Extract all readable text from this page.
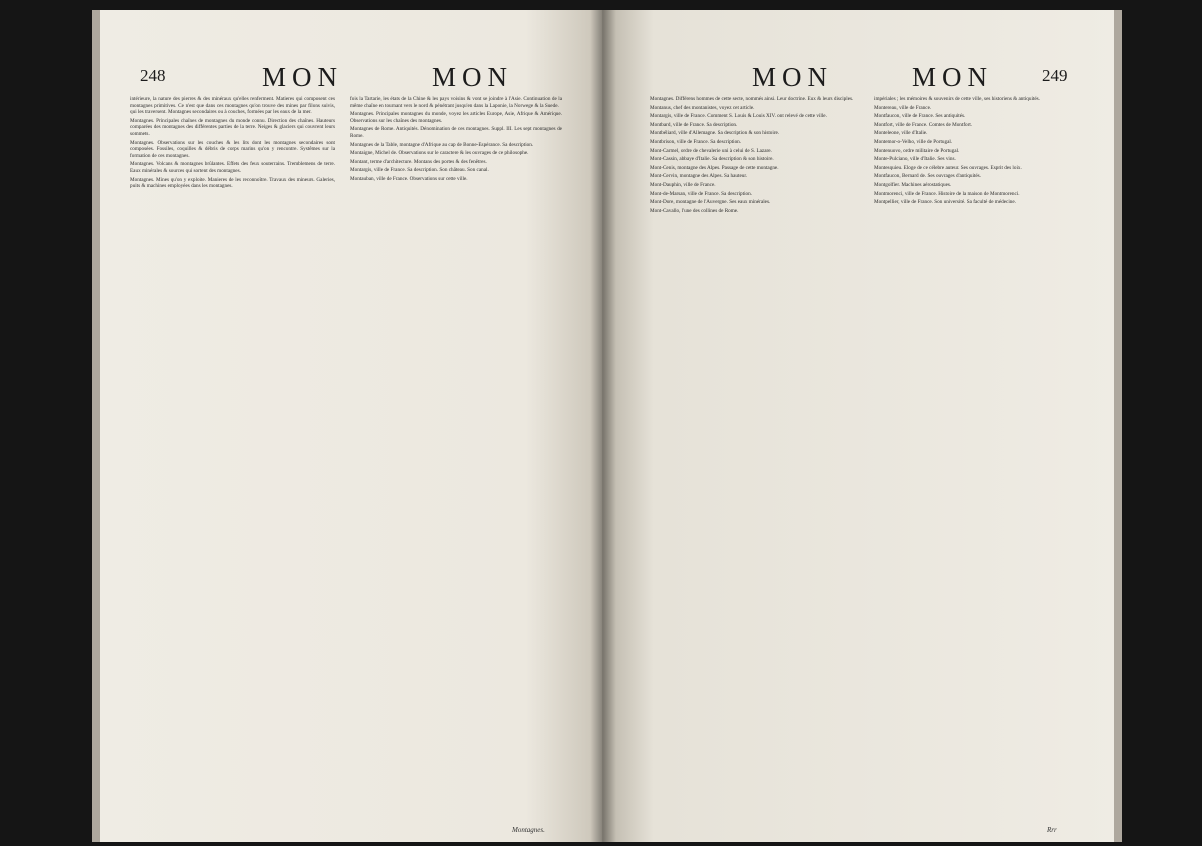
248	MON	MON
intérieure, la nature des pierres & des minéraux qu'elles renferment. Matieres qui composent ces montagnes primitives. Ce n'est que dans ces montagnes qu'on trouve des mines par filons suivis, qui les traversent. Montagnes secondaires ou à couches, formées par les eaux de la mer.
Montagnes. Principales chaînes de montagnes du monde connu. Direction des chaînes. Hauteurs comparées des montagnes des différentes parties de la terre. Neiges & glaciers qui couvrent leurs sommets.
Montagnes. Observations sur les couches & les lits dont les montagnes secondaires sont composées. Fossiles, coquilles & débris de corps marins qu'on y rencontre. Systêmes sur la formation de ces montagnes.
Montagnes. Volcans & montagnes brûlantes. Effets des feux souterrains. Tremblemens de terre. Eaux minérales & sources qui sortent des montagnes.
Montagnes. Mines qu'on y exploite. Manieres de les reconnoître. Travaux des mineurs. Galeries, puits & machines employées dans les montagnes.
fois la Tartarie, les états de la Chine & les pays voisins & vont se joindre à l'Asie. Continuation de la même chaîne en tournant vers le nord & pénétrant jusqu'en dans la Laponie, la Norwege & la Suede.
Montagnes. Principales montagnes du monde, voyez les articles Europe, Asie, Afrique & Amérique. Observations sur les chaînes des montagnes.
Montagnes de Rome. Antiquités. Dénomination de ces montagnes. Suppl. III. Les sept montagnes de Rome.
Montagnes de la Table, montagne d'Afrique au cap de Bonne-Espérance. Sa description.
Montaigne, Michel de. Observations sur le caractere & les ouvrages de ce philosophe.
Montant, terme d'architecture. Montans des portes & des fenêtres.
Montargis, ville de France. Sa description. Son château. Son canal.
Montauban, ville de France. Observations sur cette ville.
Montagnes.
MON	MON	249
Montagnes. Différens hommes de cette secte, nommés ainsi. Leur doctrine. Eux & leurs disciples.
Montanus, chef des montanistes, voyez cet article.
Montargis, ville de France. Comment S. Louis & Louis XIV. ont relevé de cette ville.
Montbard, ville de France. Sa description.
Montbéliard, ville d'Allemagne. Sa description & son histoire.
Montbrison, ville de France. Sa description.
Mont-Carmel, ordre de chevalerie uni à celui de S. Lazare.
Mont-Cassin, abbaye d'Italie. Sa description & son histoire.
Mont-Cenis, montagne des Alpes. Passage de cette montagne.
Mont-Cervin, montagne des Alpes. Sa hauteur.
Mont-Dauphin, ville de France.
Mont-de-Marsan, ville de France. Sa description.
Mont-Dore, montagne de l'Auvergne. Ses eaux minérales.
Mont-Cavallo, l'une des collines de Rome.
impériales ; les mémoires & souvenirs de cette ville, ses historiens & antiquités.
Montereau, ville de France.
Montfaucon, ville de France. Ses antiquités.
Montfort, ville de France. Comtes de Montfort.
Monteleone, ville d'Italie.
Montemor-o-Velho, ville de Portugal.
Montenuovo, ordre militaire de Portugal.
Monte-Pulciano, ville d'Italie. Ses vins.
Montesquieu. Eloge de ce célebre auteur. Ses ouvrages. Esprit des loix.
Montfaucon, Bernard de. Ses ouvrages d'antiquités.
Montgolfier. Machines aérostatiques.
Montmorenci, ville de France. Histoire de la maison de Montmorenci.
Montpellier, ville de France. Son université. Sa faculté de médecine.
Rrr
